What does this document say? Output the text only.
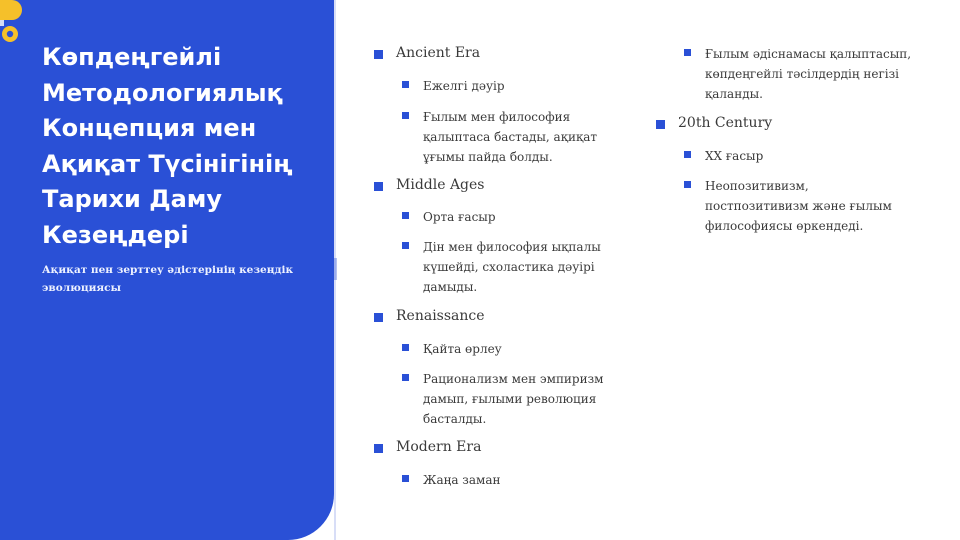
Көпдеңгейлі Методологиялық Концепция мен Ақиқат Түсінігінің Тарихи Даму Кезеңдері

Ақиқат пен зерттеу әдістерінің кезеңдік эволюциясы

Ancient Era
Ежелгі дәуір
Ғылым мен философия қалыптаса бастады, ақиқат ұғымы пайда болды.
Middle Ages
Орта ғасыр
Дін мен философия ықпалы күшейді, схоластика дәуірі дамыды.
Renaissance
Қайта өрлеу
Рационализм мен эмпиризм дамып, ғылыми революция басталды.
Modern Era
Жаңа заман
Ғылым әдіснамасы қалыптасып, көпдеңгейлі тәсілдердің негізі қаланды.
20th Century
XX ғасыр
Неопозитивизм, постпозитивизм және ғылым философиясы өркендеді.
